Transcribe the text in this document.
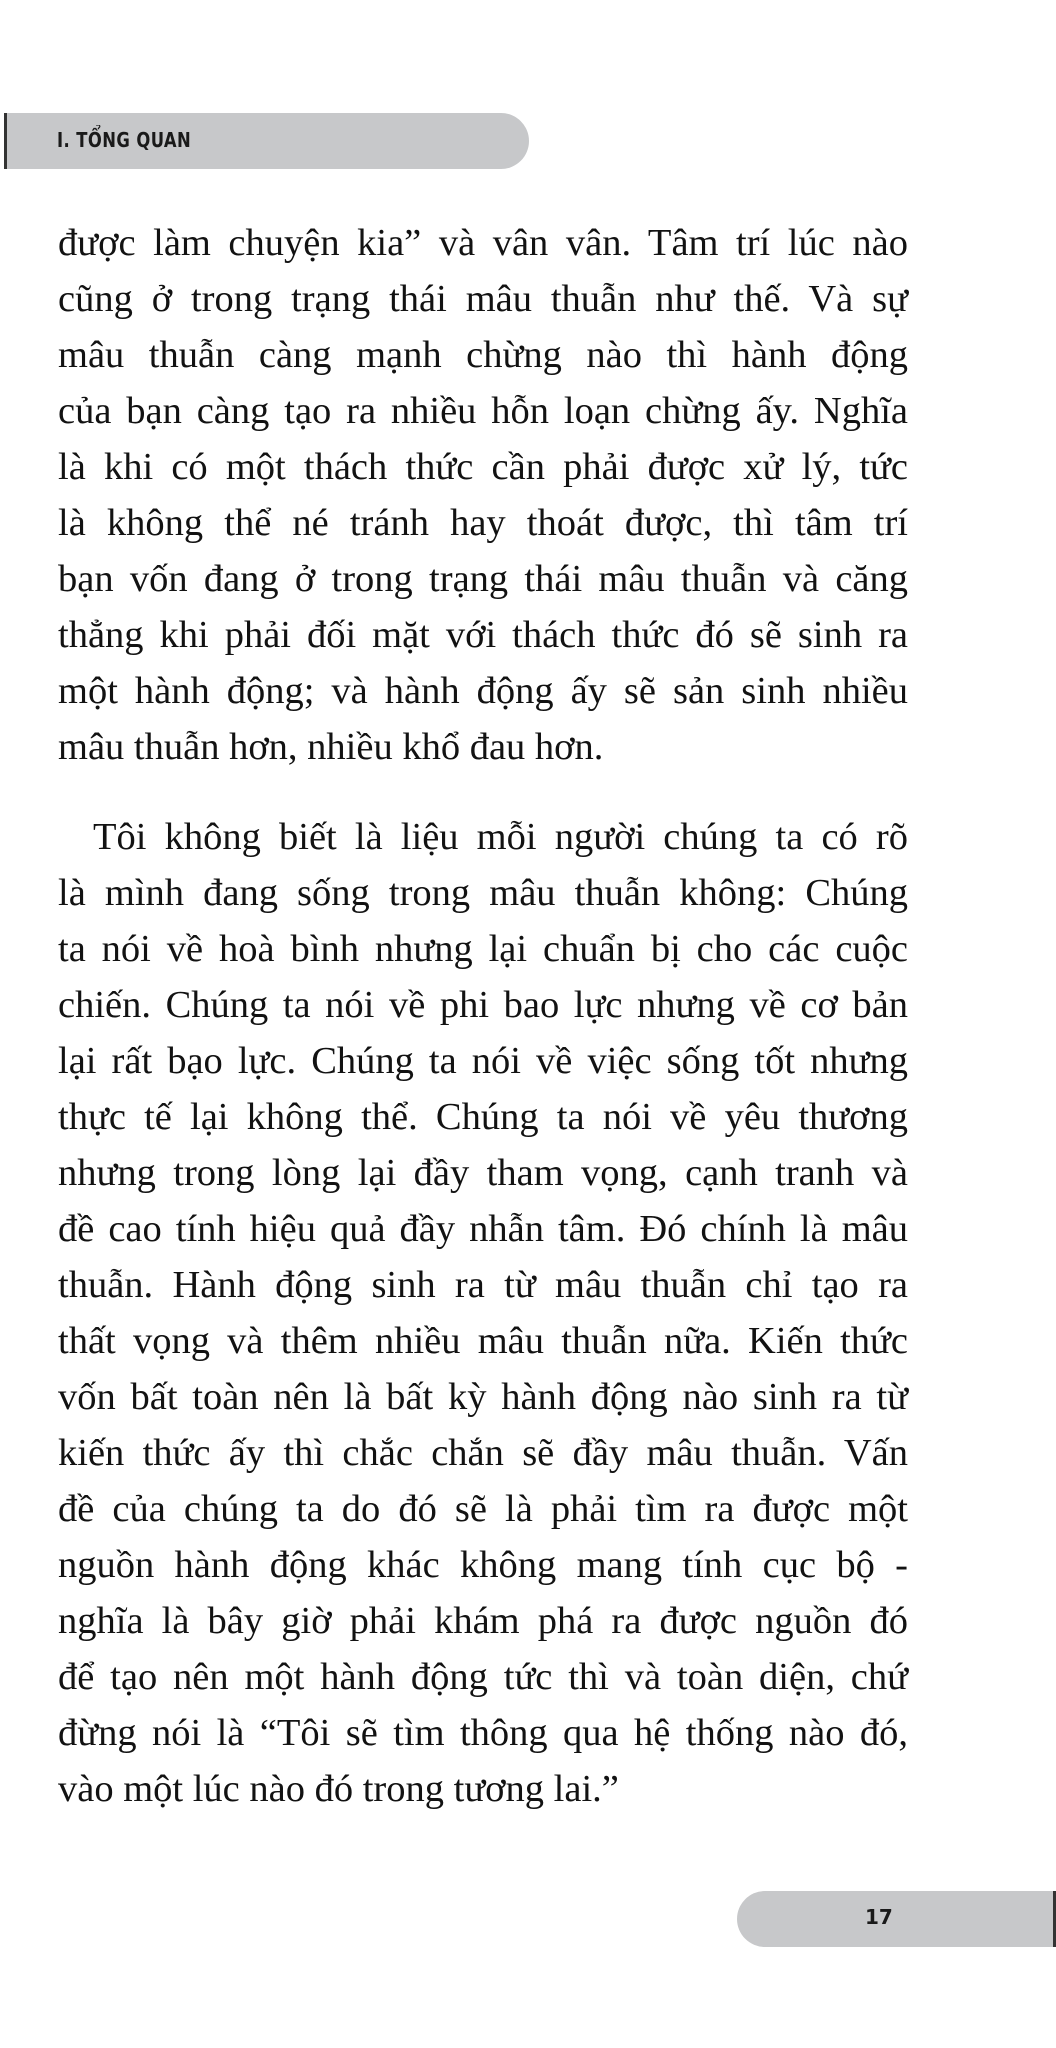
I. TỔNG QUAN
được làm chuyện kia” và vân vân. Tâm trí lúc nào
cũng ở trong trạng thái mâu thuẫn như thế. Và sự
mâu thuẫn càng mạnh chừng nào thì hành động
của bạn càng tạo ra nhiều hỗn loạn chừng ấy. Nghĩa
là khi có một thách thức cần phải được xử lý, tức
là không thể né tránh hay thoát được, thì tâm trí
bạn vốn đang ở trong trạng thái mâu thuẫn và căng
thẳng khi phải đối mặt với thách thức đó sẽ sinh ra
một hành động; và hành động ấy sẽ sản sinh nhiều
mâu thuẫn hơn, nhiều khổ đau hơn.
Tôi không biết là liệu mỗi người chúng ta có rõ
là mình đang sống trong mâu thuẫn không: Chúng
ta nói về hoà bình nhưng lại chuẩn bị cho các cuộc
chiến. Chúng ta nói về phi bao lực nhưng về cơ bản
lại rất bạo lực. Chúng ta nói về việc sống tốt nhưng
thực tế lại không thể. Chúng ta nói về yêu thương
nhưng trong lòng lại đầy tham vọng, cạnh tranh và
đề cao tính hiệu quả đầy nhẫn tâm. Đó chính là mâu
thuẫn. Hành động sinh ra từ mâu thuẫn chỉ tạo ra
thất vọng và thêm nhiều mâu thuẫn nữa. Kiến thức
vốn bất toàn nên là bất kỳ hành động nào sinh ra từ
kiến thức ấy thì chắc chắn sẽ đầy mâu thuẫn. Vấn
đề của chúng ta do đó sẽ là phải tìm ra được một
nguồn hành động khác không mang tính cục bộ -
nghĩa là bây giờ phải khám phá ra được nguồn đó
để tạo nên một hành động tức thì và toàn diện, chứ
đừng nói là “Tôi sẽ tìm thông qua hệ thống nào đó,
vào một lúc nào đó trong tương lai.”
17
